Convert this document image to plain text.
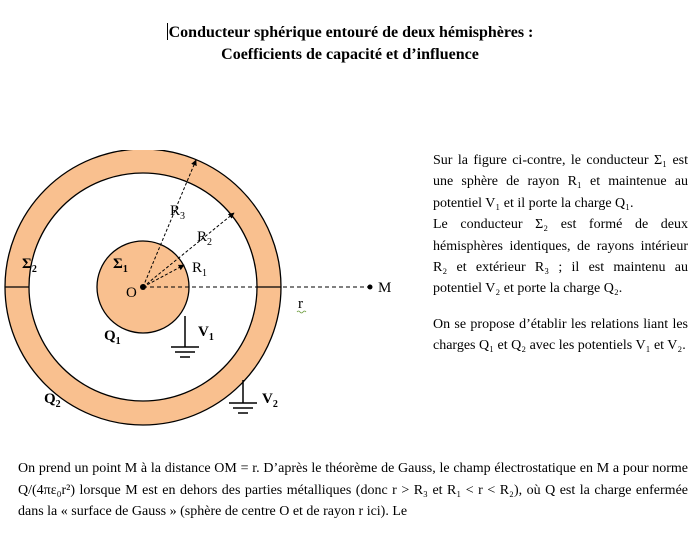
Conducteur sphérique entouré de deux hémisphères :
Coefficients de capacité et d’influence
$R_3$
$R_2$
$R_1$
$\Sigma_1$
$\Sigma_2$
O	M
r
$Q_1$
$Q_2$
$V_1$
$V_2$

Sur la figure ci-contre, le conducteur Σ₁ est une sphère de rayon R₁ et maintenue au potentiel V₁ et il porte la charge Q₁.

Le conducteur Σ₂ est formé de deux hémisphères identiques, de rayons intérieur R₂ et extérieur R₃ ; il est maintenu au potentiel V₂ et porte la charge Q₂.

On se propose d’établir les relations liant les charges Q₁ et Q₂ avec les potentiels V₁ et V₂.

On prend un point M à la distance OM = r. D’après le théorème de Gauss, le champ électrostatique en M a pour norme Q/(4πε₀r²) lorsque M est en dehors des parties métalliques (donc r > R₃ et R₁ < r < R₂), où Q est la charge enfermée dans la « surface de Gauss » (sphère de centre O et de rayon r ici). Le
